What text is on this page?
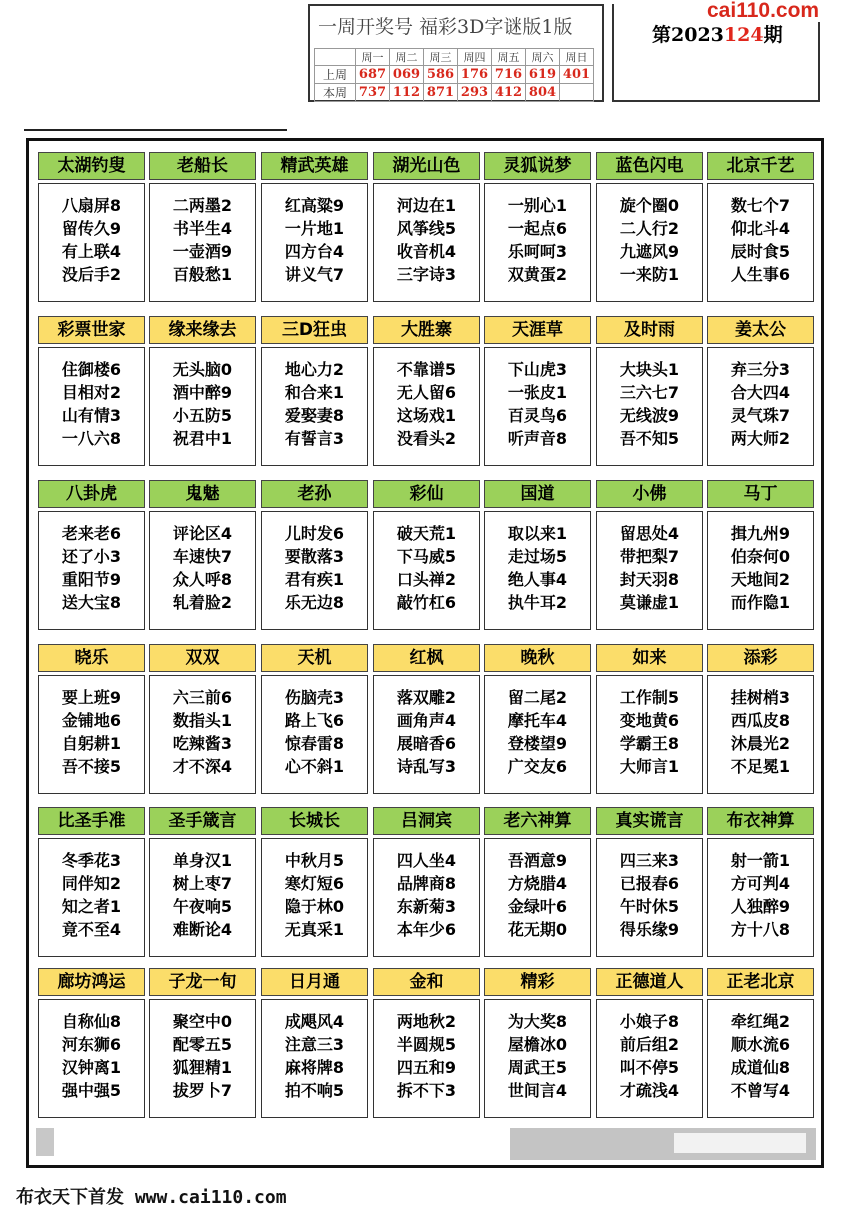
一周开奖号 福彩3D字谜版1版
	周一	周二	周三	周四	周五	周六	周日
上周	687	069	586	176	716	619	401
本周	737	112	871	293	412	804	
第2023124期
cai110.com
太湖钓叟
八扇屏8
留传久9
有上联4
没后手2
老船长
二两墨2
书半生4
一壶酒9
百般愁1
精武英雄
红高粱9
一片地1
四方台4
讲义气7
湖光山色
河边在1
风筝线5
收音机4
三字诗3
灵狐说梦
一别心1
一起点6
乐呵呵3
双黄蛋2
蓝色闪电
旋个圈0
二人行2
九遮风9
一来防1
北京千艺
数七个7
仰北斗4
辰时食5
人生事6
彩票世家
住御楼6
目相对2
山有情3
一八六8
缘来缘去
无头脑0
酒中醉9
小五防5
祝君中1
三D狂虫
地心力2
和合来1
爱娶妻8
有誓言3
大胜寨
不靠谱5
无人留6
这场戏1
没看头2
天涯草
下山虎3
一张皮1
百灵鸟6
听声音8
及时雨
大块头1
三六七7
无线波9
吾不知5
姜太公
弃三分3
合大四4
灵气珠7
两大师2
八卦虎
老来老6
还了小3
重阳节9
送大宝8
鬼魅
评论区4
车速快7
众人呼8
轧着脸2
老孙
儿时发6
要散落3
君有疾1
乐无边8
彩仙
破天荒1
下马威5
口头禅2
敲竹杠6
国道
取以来1
走过场5
绝人事4
执牛耳2
小佛
留思处4
带把梨7
封天羽8
莫谦虚1
马丁
揖九州9
伯奈何0
天地间2
而作隐1
晓乐
要上班9
金铺地6
自躬耕1
吾不接5
双双
六三前6
数指头1
吃辣酱3
才不深4
天机
伤脑壳3
路上飞6
惊春雷8
心不斜1
红枫
落双雕2
画角声4
展暗香6
诗乱写3
晚秋
留二尾2
摩托车4
登楼望9
广交友6
如来
工作制5
变地黄6
学霸王8
大师言1
添彩
挂树梢3
西瓜皮8
沐晨光2
不足冕1
比圣手准
冬季花3
同伴知2
知之者1
竟不至4
圣手箴言
单身汉1
树上枣7
午夜响5
难断论4
长城长
中秋月5
寒灯短6
隐于林0
无真采1
吕洞宾
四人坐4
品牌商8
东新菊3
本年少6
老六神算
吾酒意9
方烧腊4
金绿叶6
花无期0
真实谎言
四三来3
已报春6
午时休5
得乐缘9
布衣神算
射一箭1
方可判4
人独醉9
方十八8
廊坊鸿运
自称仙8
河东狮6
汉钟离1
强中强5
子龙一旬
聚空中0
配零五5
狐狸精1
拔罗卜7
日月通
成飓风4
注意三3
麻将牌8
拍不响5
金和
两地秋2
半圆规5
四五和9
拆不下3
精彩
为大奖8
屋檐冰0
周武王5
世间言4
正德道人
小娘子8
前后组2
叫不停5
才疏浅4
正老北京
牵红绳2
顺水流6
成道仙8
不曾写4
布衣天下首发 www.cai110.com
